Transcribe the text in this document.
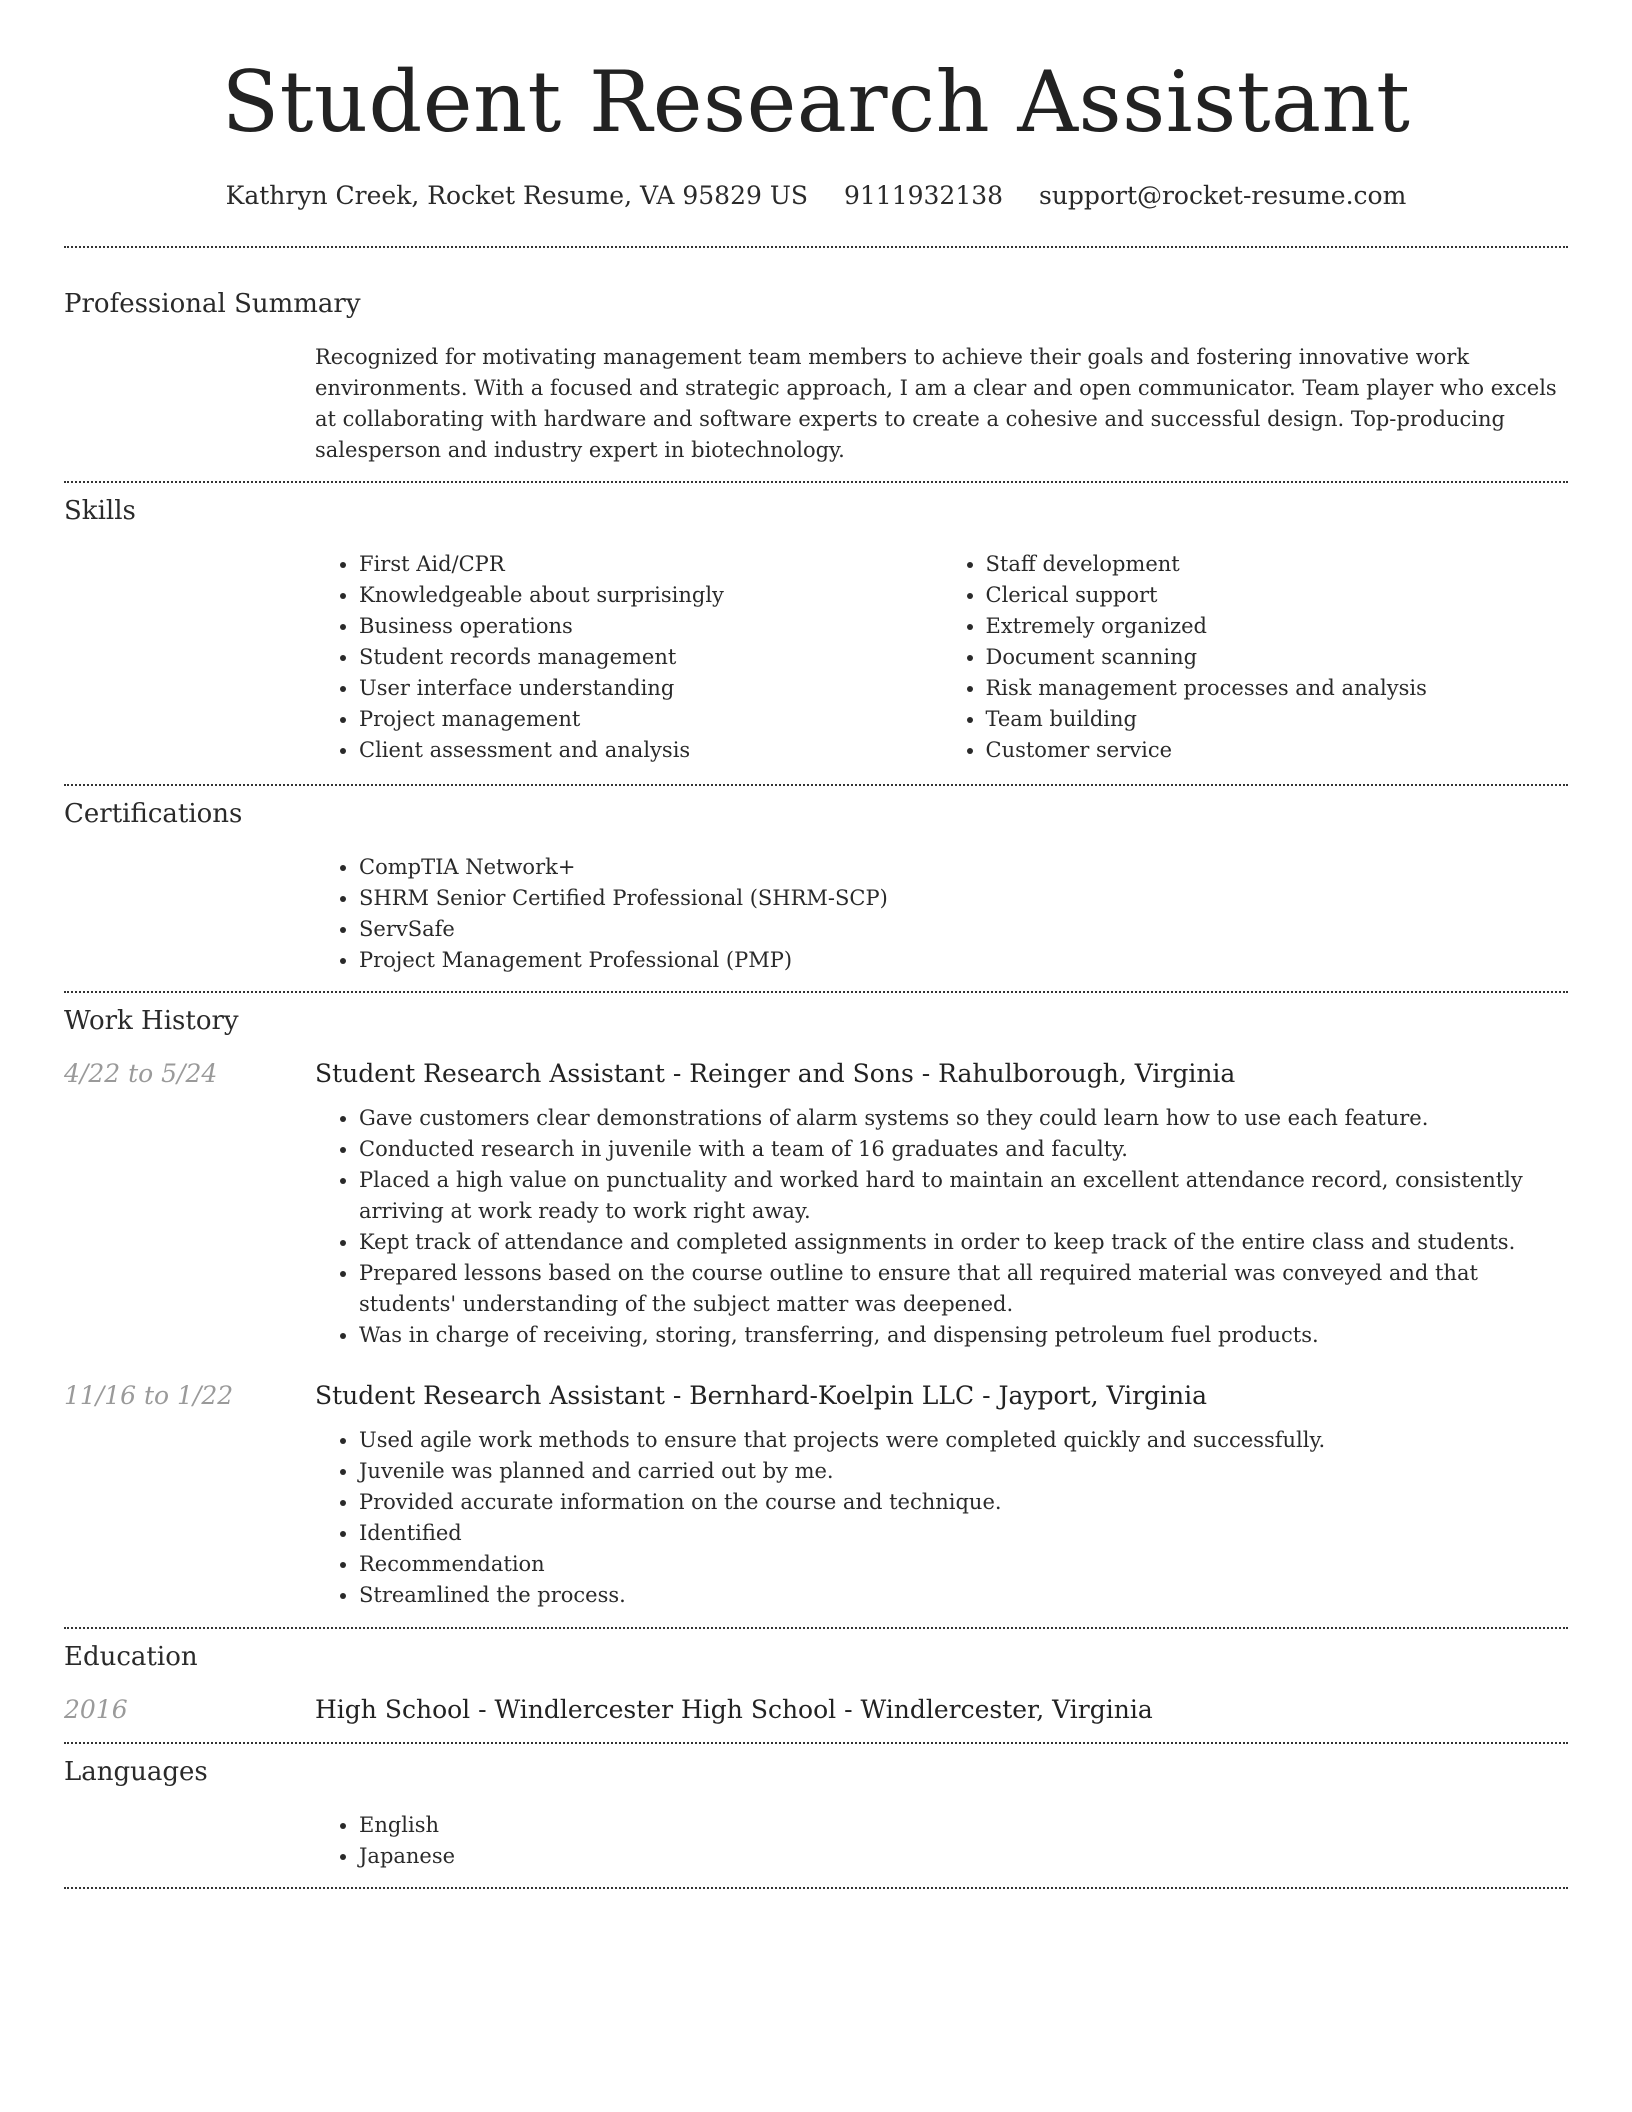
Student Research Assistant
Kathryn Creek, Rocket Resume, VA 95829 US 9111932138 support@rocket-resume.com
Professional Summary
Recognized for motivating management team members to achieve their goals and fostering innovative work environments. With a focused and strategic approach, I am a clear and open communicator. Team player who excels at collaborating with hardware and software experts to create a cohesive and successful design. Top-producing salesperson and industry expert in biotechnology.
Skills
• First Aid/CPR
• Knowledgeable about surprisingly
• Business operations
• Student records management
• User interface understanding
• Project management
• Client assessment and analysis
• Staff development
• Clerical support
• Extremely organized
• Document scanning
• Risk management processes and analysis
• Team building
• Customer service
Certifications
• CompTIA Network+
• SHRM Senior Certified Professional (SHRM-SCP)
• ServSafe
• Project Management Professional (PMP)
Work History
4/22 to 5/24	Student Research Assistant - Reinger and Sons - Rahulborough, Virginia
• Gave customers clear demonstrations of alarm systems so they could learn how to use each feature.
• Conducted research in juvenile with a team of 16 graduates and faculty.
• Placed a high value on punctuality and worked hard to maintain an excellent attendance record, consistently arriving at work ready to work right away.
• Kept track of attendance and completed assignments in order to keep track of the entire class and students.
• Prepared lessons based on the course outline to ensure that all required material was conveyed and that students' understanding of the subject matter was deepened.
• Was in charge of receiving, storing, transferring, and dispensing petroleum fuel products.
11/16 to 1/22	Student Research Assistant - Bernhard-Koelpin LLC - Jayport, Virginia
• Used agile work methods to ensure that projects were completed quickly and successfully.
• Juvenile was planned and carried out by me.
• Provided accurate information on the course and technique.
• Identified
• Recommendation
• Streamlined the process.
Education
2016	High School - Windlercester High School - Windlercester, Virginia
Languages
• English
• Japanese
